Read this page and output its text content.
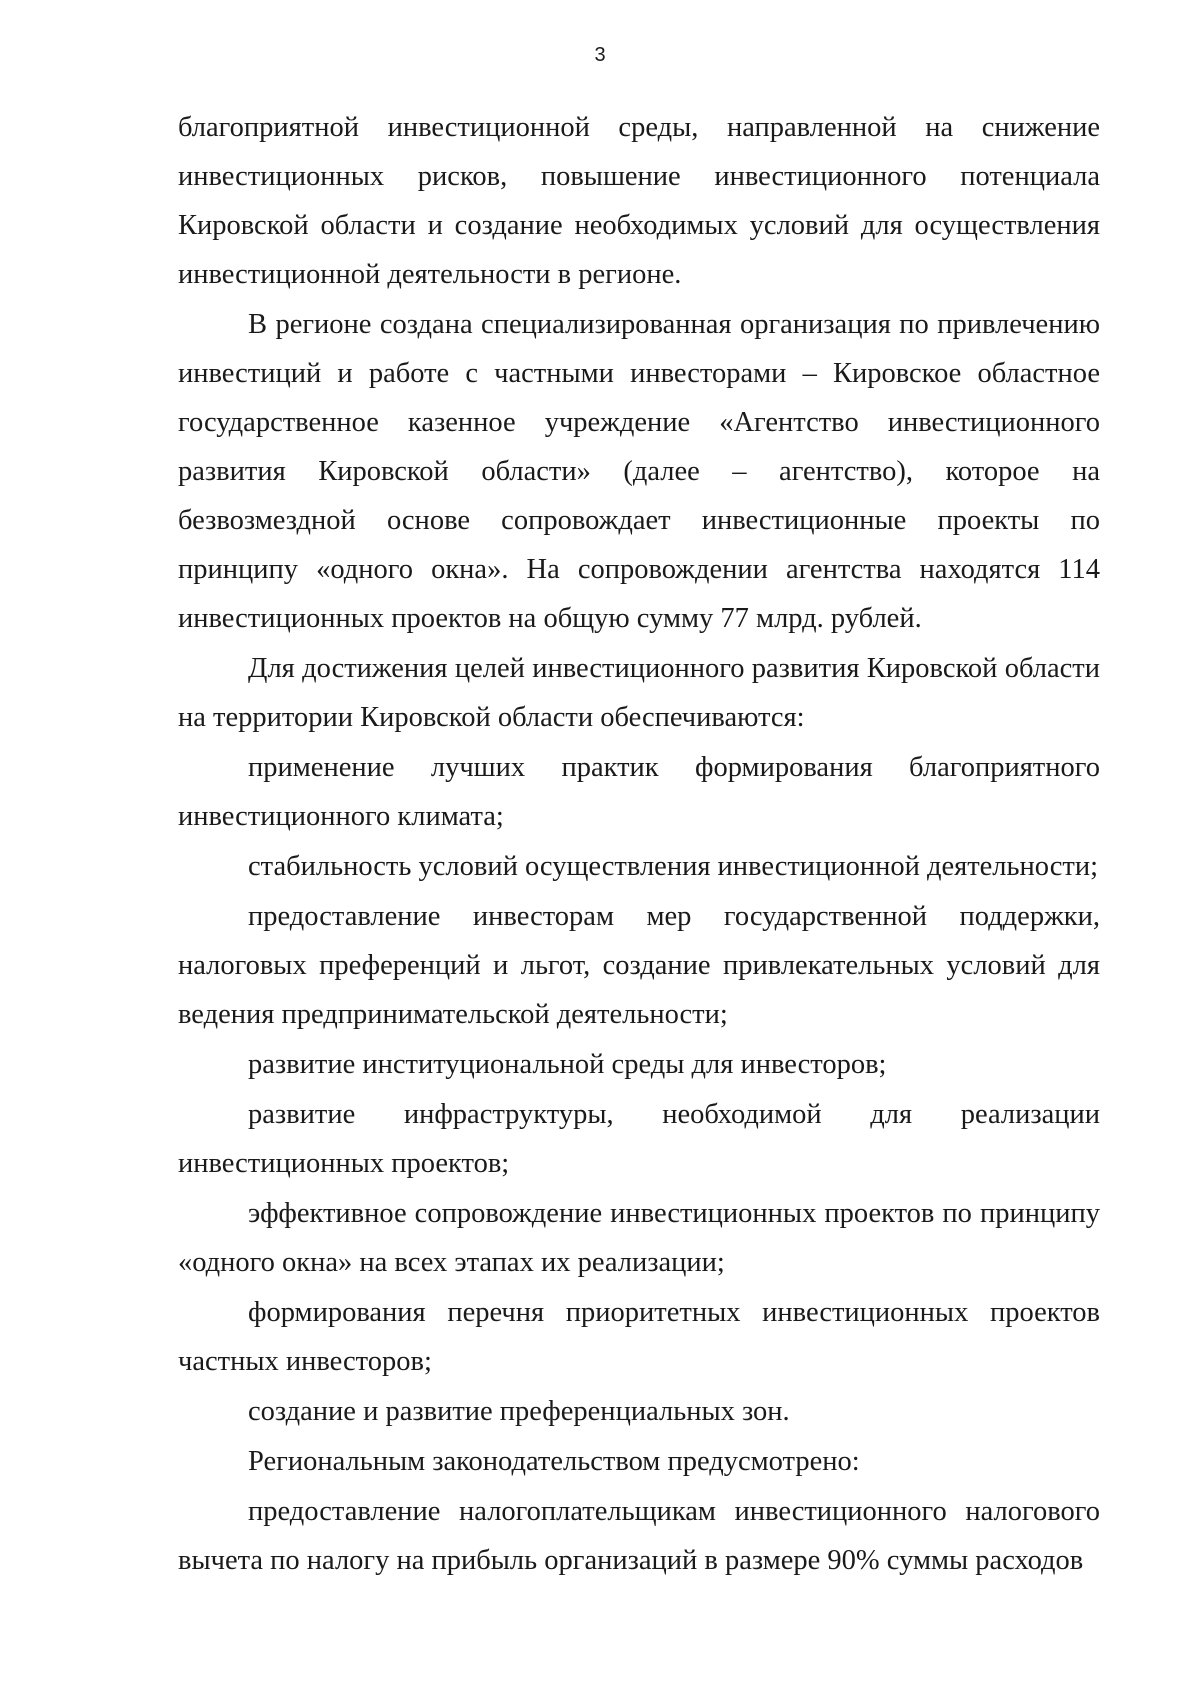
3

благоприятной инвестиционной среды, направленной на снижение инвестиционных рисков, повышение инвестиционного потенциала Кировской области и создание необходимых условий для осуществления инвестиционной деятельности в регионе.

В регионе создана специализированная организация по привлечению инвестиций и работе с частными инвесторами – Кировское областное государственное казенное учреждение «Агентство инвестиционного развития Кировской области» (далее – агентство), которое на безвозмездной основе сопровождает инвестиционные проекты по принципу «одного окна». На сопровождении агентства находятся 114 инвестиционных проектов на общую сумму 77 млрд. рублей.

Для достижения целей инвестиционного развития Кировской области на территории Кировской области обеспечиваются:

применение лучших практик формирования благоприятного инвестиционного климата;

стабильность условий осуществления инвестиционной деятельности;

предоставление инвесторам мер государственной поддержки, налоговых преференций и льгот, создание привлекательных условий для ведения предпринимательской деятельности;

развитие институциональной среды для инвесторов;

развитие инфраструктуры, необходимой для реализации инвестиционных проектов;

эффективное сопровождение инвестиционных проектов по принципу «одного окна» на всех этапах их реализации;

формирования перечня приоритетных инвестиционных проектов частных инвесторов;

создание и развитие преференциальных зон.

Региональным законодательством предусмотрено:

предоставление налогоплательщикам инвестиционного налогового вычета по налогу на прибыль организаций в размере 90% суммы расходов
